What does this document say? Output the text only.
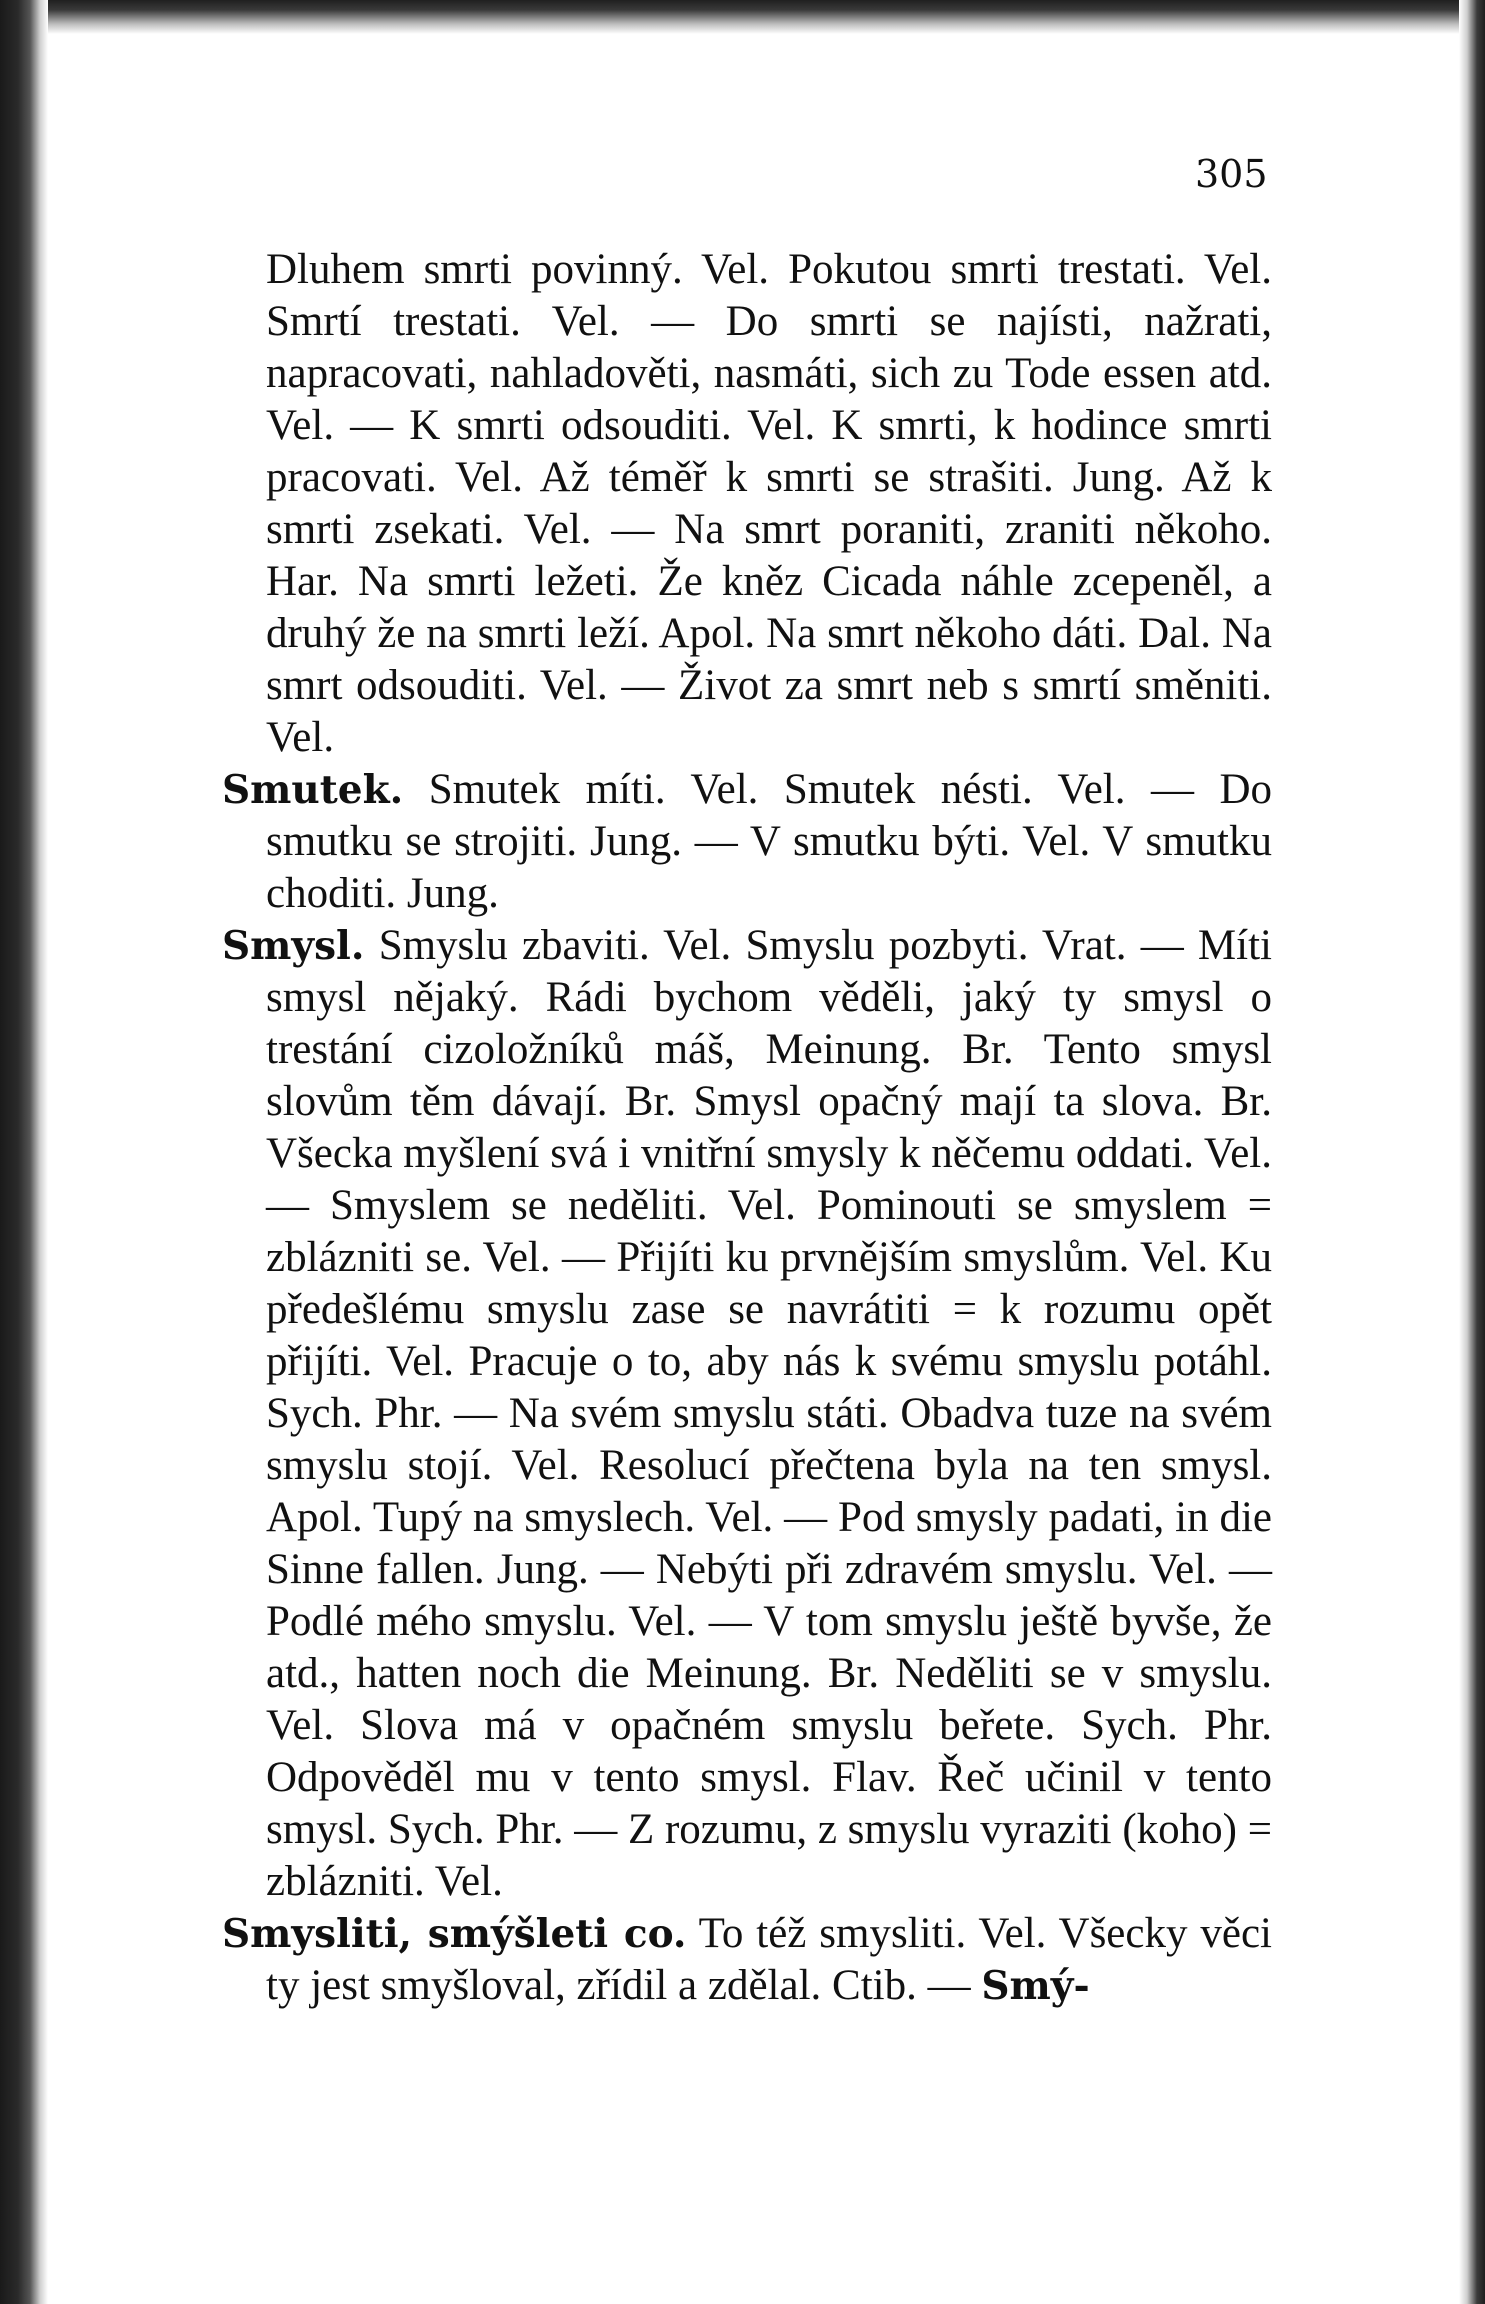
305

Dluhem smrti povinný. Vel. Pokutou smrti trestati. Vel. Smrtí trestati. Vel. — Do smrti se najísti, nažrati, napracovati, nahladověti, nasmáti, sich zu Tode essen atd. Vel. — K smrti odsouditi. Vel. K smrti, k hodince smrti pracovati. Vel. Až téměř k smrti se strašiti. Jung. Až k smrti zsekati. Vel. — Na smrt poraniti, zraniti někoho. Har. Na smrti ležeti. Že kněz Cicada náhle zcepeněl, a druhý že na smrti leží. Apol. Na smrt někoho dáti. Dal. Na smrt odsouditi. Vel. — Život za smrt neb s smrtí směniti. Vel.

Smutek. Smutek míti. Vel. Smutek nésti. Vel. — Do smutku se strojiti. Jung. — V smutku býti. Vel. V smutku choditi. Jung.

Smysl. Smyslu zbaviti. Vel. Smyslu pozbyti. Vrat. — Míti smysl nějaký. Rádi bychom věděli, jaký ty smysl o trestání cizoložníků máš, Meinung. Br. Tento smysl slovům těm dávají. Br. Smysl opačný mají ta slova. Br. Všecka myšlení svá i vnitřní smysly k něčemu oddati. Vel. — Smyslem se neděliti. Vel. Pominouti se smyslem = zblázniti se. Vel. — Přijíti ku prvnějším smyslům. Vel. Ku předešlému smyslu zase se navrátiti = k rozumu opět přijíti. Vel. Pracuje o to, aby nás k svému smyslu potáhl. Sych. Phr. — Na svém smyslu státi. Obadva tuze na svém smyslu stojí. Vel. Resolucí přečtena byla na ten smysl. Apol. Tupý na smyslech. Vel. — Pod smysly padati, in die Sinne fallen. Jung. — Nebýti při zdravém smyslu. Vel. — Podlé mého smyslu. Vel. — V tom smyslu ještě byvše, že atd., hatten noch die Meinung. Br. Neděliti se v smyslu. Vel. Slova má v opačném smyslu beřete. Sych. Phr. Odpověděl mu v tento smysl. Flav. Řeč učinil v tento smysl. Sych. Phr. — Z rozumu, z smyslu vyraziti (koho) = zblázniti. Vel.

Smysliti, smýšleti co. To též smysliti. Vel. Všecky věci ty jest smyšloval, zřídil a zdělal. Ctib. — Smý-
